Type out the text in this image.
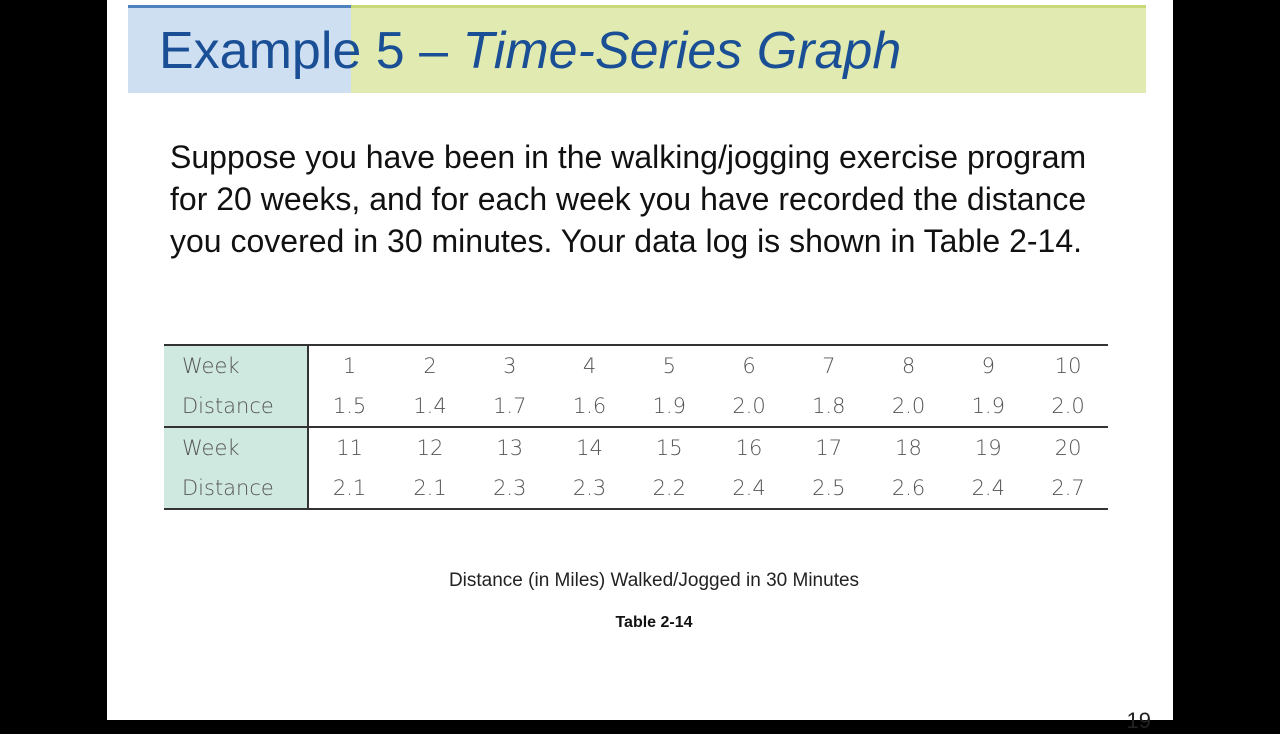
Example 5 – Time-Series Graph

Suppose you have been in the walking/jogging exercise program for 20 weeks, and for each week you have recorded the distance you covered in 30 minutes. Your data log is shown in Table 2-14.

Week	1	2	3	4	5	6	7	8	9	10
Distance	1.5	1.4	1.7	1.6	1.9	2.0	1.8	2.0	1.9	2.0
Week	11	12	13	14	15	16	17	18	19	20
Distance	2.1	2.1	2.3	2.3	2.2	2.4	2.5	2.6	2.4	2.7

Distance (in Miles) Walked/Jogged in 30 Minutes

Table 2-14

19
